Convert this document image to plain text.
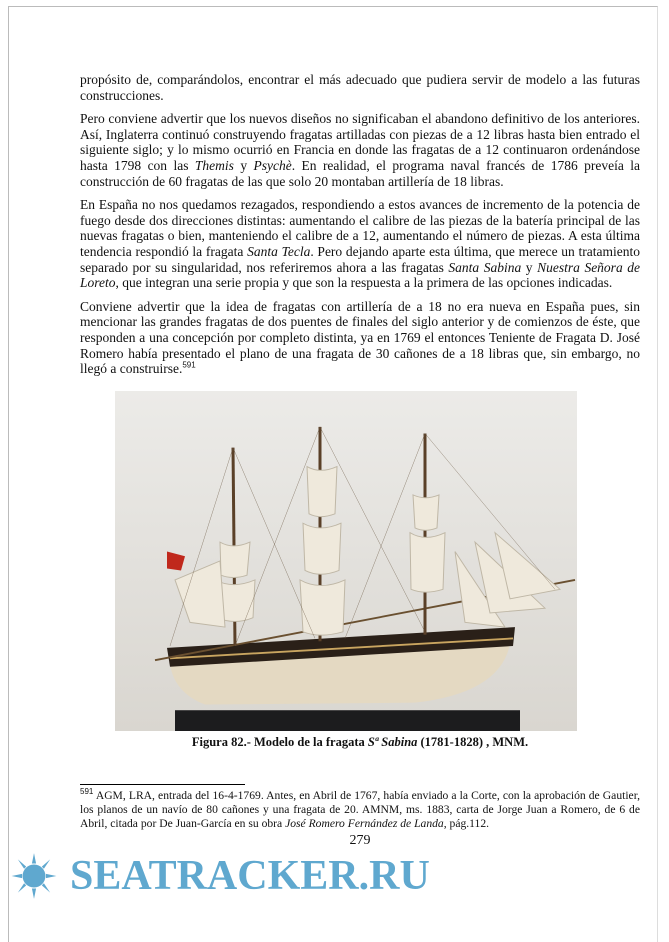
propósito de, comparándolos, encontrar el más adecuado que pudiera servir de modelo a las futuras construcciones.

Pero conviene advertir que los nuevos diseños no significaban el abandono definitivo de los anteriores. Así, Inglaterra continuó construyendo fragatas artilladas con piezas de a 12 libras hasta bien entrado el siguiente siglo; y lo mismo ocurrió en Francia en donde las fragatas de a 12 continuaron ordenándose hasta 1798 con las Themis y Psychè. En realidad, el programa naval francés de 1786 preveía la construcción de 60 fragatas de las que solo 20 montaban artillería de 18 libras.

En España no nos quedamos rezagados, respondiendo a estos avances de incremento de la potencia de fuego desde dos direcciones distintas: aumentando el calibre de las piezas de la batería principal de las nuevas fragatas o bien, manteniendo el calibre de a 12, aumentando el número de piezas. A esta última tendencia respondió la fragata Santa Tecla. Pero dejando aparte esta última, que merece un tratamiento separado por su singularidad, nos referiremos ahora a las fragatas Santa Sabina y Nuestra Señora de Loreto, que integran una serie propia y que son la respuesta a la primera de las opciones indicadas.

Conviene advertir que la idea de fragatas con artillería de a 18 no era nueva en España pues, sin mencionar las grandes fragatas de dos puentes de finales del siglo anterior y de comienzos de éste, que responden a una concepción por completo distinta, ya en 1769 el entonces Teniente de Fragata D. José Romero había presentado el plano de una fragata de 30 cañones de a 18 libras que, sin embargo, no llegó a construirse.$^{591}$

Figura 82.- Modelo de la fragata Sª Sabina (1781-1828) , MNM.
$^{591}$ AGM, LRA, entrada del 16-4-1769. Antes, en Abril de 1767, había enviado a la Corte, con la aprobación de Gautier, los planos de un navío de 80 cañones y una fragata de 20. AMNM, ms. 1883, carta de Jorge Juan a Romero, de 6 de Abril, citada por De Juan-García en su obra José Romero Fernández de Landa, pág.112.
279
SEATRACKER.RU
